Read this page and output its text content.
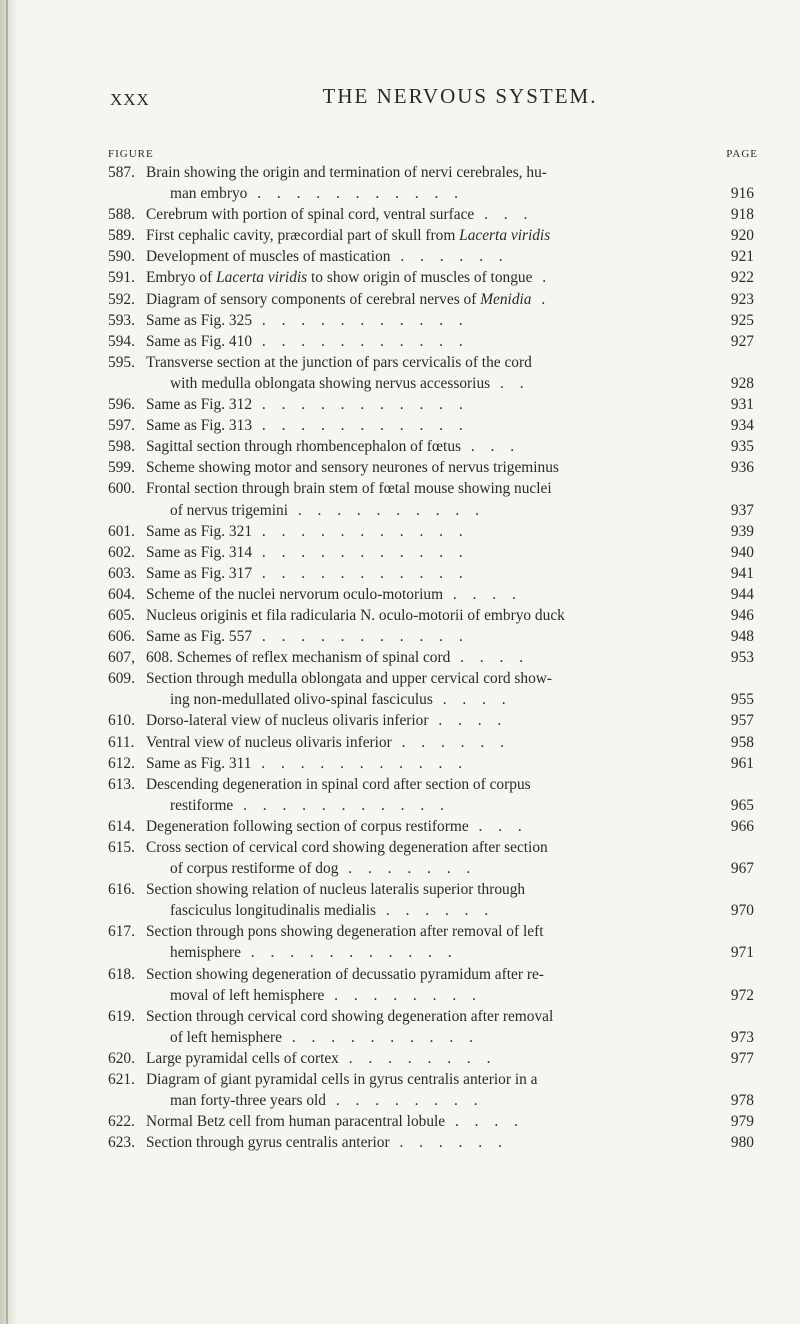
XXX	THE NERVOUS SYSTEM.
FIGURE	PAGE
587. Brain showing the origin and termination of nervi cerebrales, hu-
man embryo . . . . . . . . . . .	916
588. Cerebrum with portion of spinal cord, ventral surface . . .	918
589. First cephalic cavity, præcordial part of skull from Lacerta viridis	920
590. Development of muscles of mastication . . . . . .	921
591. Embryo of Lacerta viridis to show origin of muscles of tongue .	922
592. Diagram of sensory components of cerebral nerves of Menidia .	923
593. Same as Fig. 325 . . . . . . . . . . .	925
594. Same as Fig. 410 . . . . . . . . . . .	927
595. Transverse section at the junction of pars cervicalis of the cord
with medulla oblongata showing nervus accessorius . .	928
596. Same as Fig. 312 . . . . . . . . . . .	931
597. Same as Fig. 313 . . . . . . . . . . .	934
598. Sagittal section through rhombencephalon of fœtus . . .	935
599. Scheme showing motor and sensory neurones of nervus trigeminus	936
600. Frontal section through brain stem of fœtal mouse showing nuclei
of nervus trigemini . . . . . . . . . .	937
601. Same as Fig. 321 . . . . . . . . . . .	939
602. Same as Fig. 314 . . . . . . . . . . .	940
603. Same as Fig. 317 . . . . . . . . . . .	941
604. Scheme of the nuclei nervorum oculo-motorium . . . .	944
605. Nucleus originis et fila radicularia N. oculo-motorii of embryo duck	946
606. Same as Fig. 557 . . . . . . . . . . .	948
607, 608. Schemes of reflex mechanism of spinal cord . . . .	953
609. Section through medulla oblongata and upper cervical cord show-
ing non-medullated olivo-spinal fasciculus . . . .	955
610. Dorso-lateral view of nucleus olivaris inferior . . . .	957
611. Ventral view of nucleus olivaris inferior . . . . . .	958
612. Same as Fig. 311 . . . . . . . . . . .	961
613. Descending degeneration in spinal cord after section of corpus
restiforme . . . . . . . . . . .	965
614. Degeneration following section of corpus restiforme . . .	966
615. Cross section of cervical cord showing degeneration after section
of corpus restiforme of dog . . . . . . .	967
616. Section showing relation of nucleus lateralis superior through
fasciculus longitudinalis medialis . . . . . .	970
617. Section through pons showing degeneration after removal of left
hemisphere . . . . . . . . . . .	971
618. Section showing degeneration of decussatio pyramidum after re-
moval of left hemisphere . . . . . . . .	972
619. Section through cervical cord showing degeneration after removal
of left hemisphere . . . . . . . . . .	973
620. Large pyramidal cells of cortex . . . . . . . .	977
621. Diagram of giant pyramidal cells in gyrus centralis anterior in a
man forty-three years old . . . . . . . .	978
622. Normal Betz cell from human paracentral lobule . . . .	979
623. Section through gyrus centralis anterior . . . . . .	980
